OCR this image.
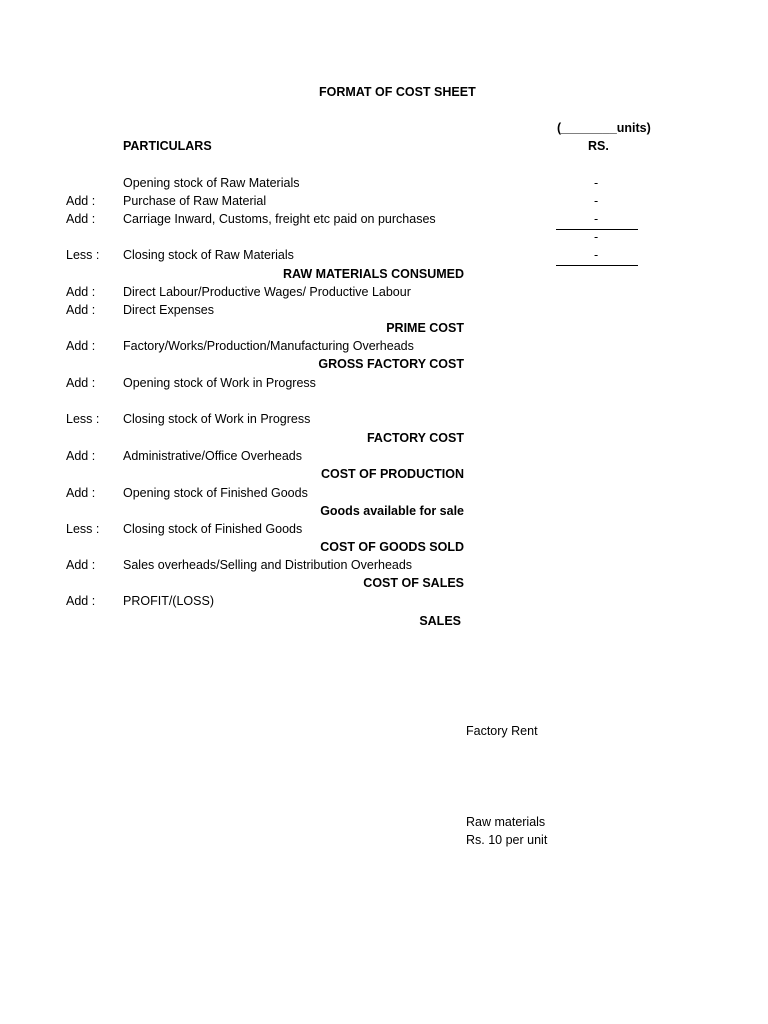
FORMAT OF COST SHEET
(________units)
PARTICULARS	RS.
Opening stock of Raw Materials	-
Add : Purchase of Raw Material	-
Add : Carriage Inward, Customs, freight etc paid on purchases	-
-
Less : Closing stock of Raw Materials	-
RAW MATERIALS CONSUMED
Add : Direct Labour/Productive Wages/ Productive Labour
Add : Direct Expenses
PRIME COST
Add : Factory/Works/Production/Manufacturing Overheads
GROSS FACTORY COST
Add : Opening stock of Work in Progress
Less : Closing stock of Work in Progress
FACTORY COST
Add : Administrative/Office Overheads
COST OF PRODUCTION
Add : Opening stock of Finished Goods
Goods available for sale
Less : Closing stock of Finished Goods
COST OF GOODS SOLD
Add : Sales overheads/Selling and Distribution Overheads
COST OF SALES
Add : PROFIT/(LOSS)
SALES
Factory Rent
Raw materials
Rs. 10 per unit
